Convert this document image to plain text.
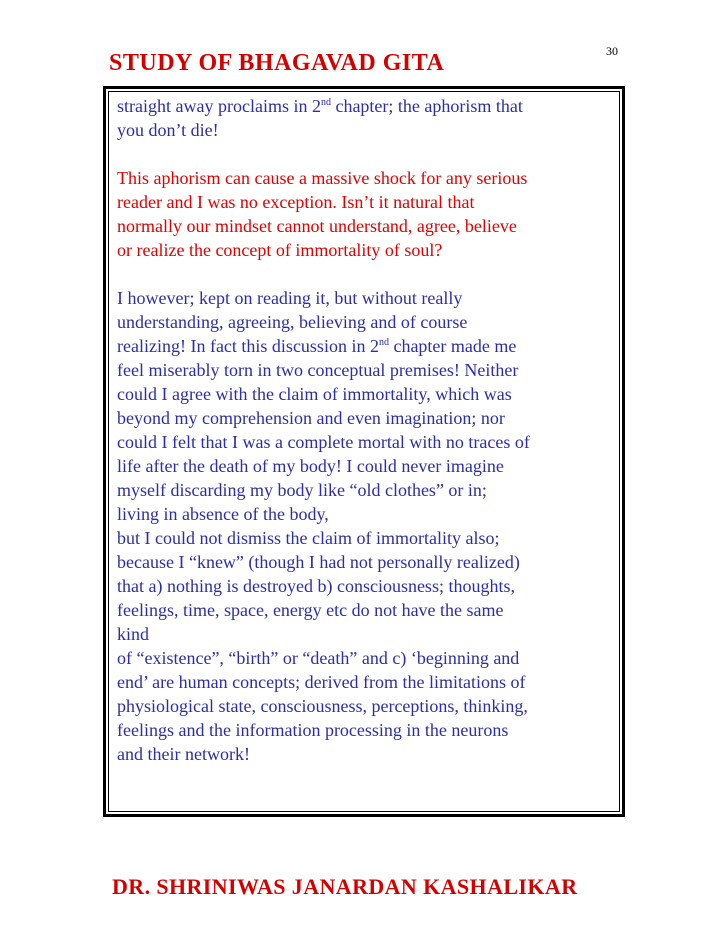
STUDY OF BHAGAVAD GITA	30

straight away proclaims in 2nd chapter; the aphorism that
you don’t die!

This aphorism can cause a massive shock for any serious
reader and I was no exception. Isn’t it natural that
normally our mindset cannot understand, agree, believe
or realize the concept of immortality of soul?

I however; kept on reading it, but without really
understanding, agreeing, believing and of course
realizing! In fact this discussion in 2nd chapter made me
feel miserably torn in two conceptual premises! Neither
could I agree with the claim of immortality, which was
beyond my comprehension and even imagination; nor
could I felt that I was a complete mortal with no traces of
life after the death of my body! I could never imagine
myself discarding my body like “old clothes” or in;
living in absence of the body,
but I could not dismiss the claim of immortality also;
because I “knew” (though I had not personally realized)
that a) nothing is destroyed b) consciousness; thoughts,
feelings, time, space, energy etc do not have the same
kind
of “existence”, “birth” or “death” and c) ‘beginning and
end’ are human concepts; derived from the limitations of
physiological state, consciousness, perceptions, thinking,
feelings and the information processing in the neurons
and their network!

DR. SHRINIWAS JANARDAN KASHALIKAR
